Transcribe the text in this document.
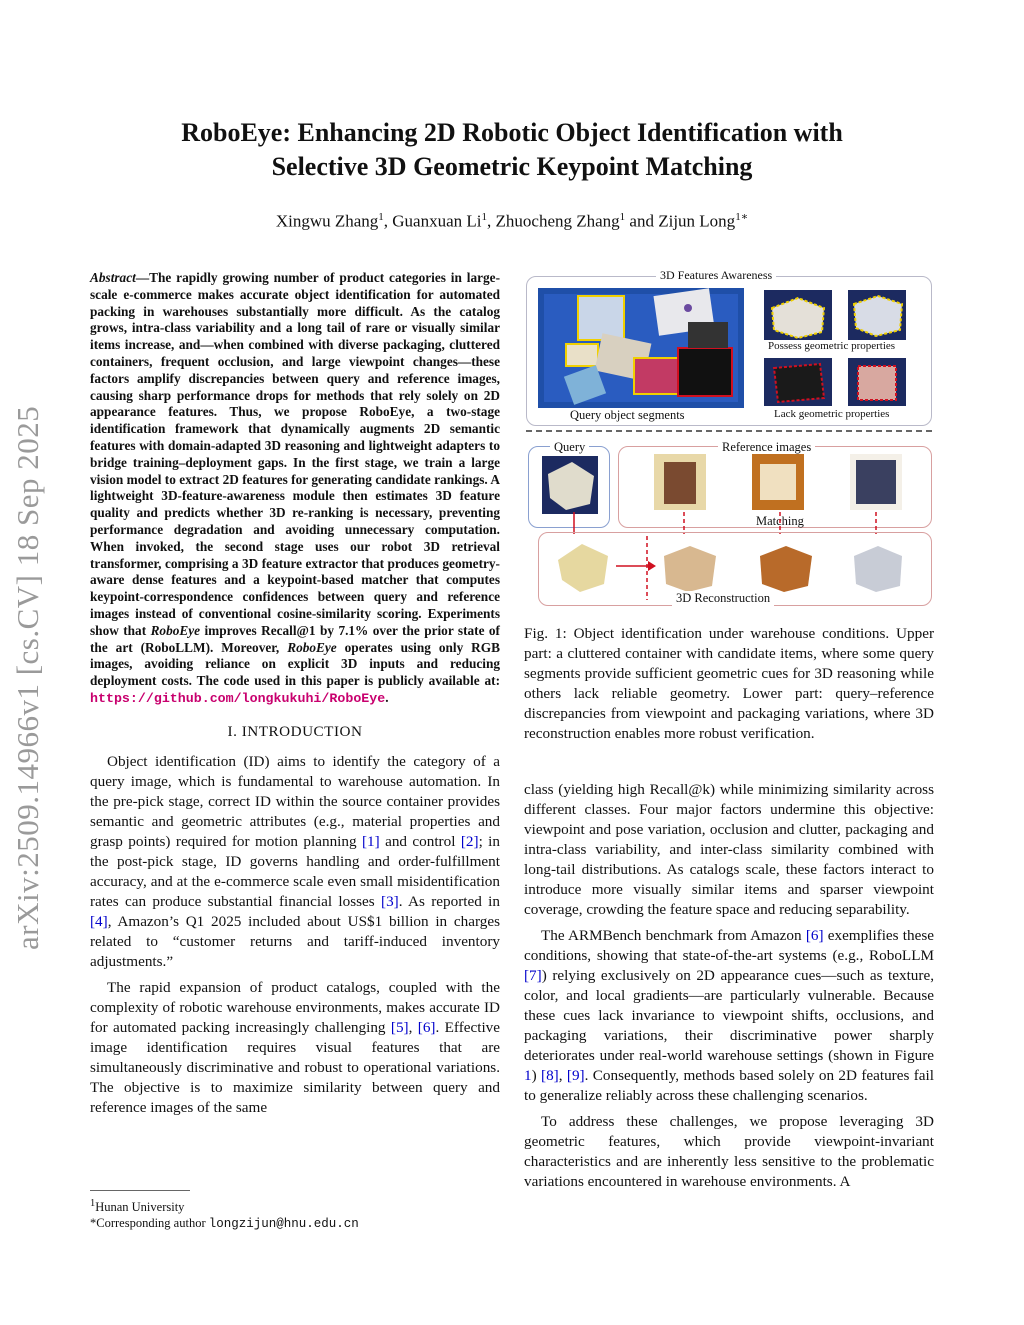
arXiv:2509.14966v1 [cs.CV] 18 Sep 2025
RoboEye: Enhancing 2D Robotic Object Identification with
Selective 3D Geometric Keypoint Matching
Xingwu Zhang$^1$, Guanxuan Li$^1$, Zhuocheng Zhang$^1$ and Zijun Long$^{1∗}$
Abstract—The rapidly growing number of product categories in large-scale e-commerce makes accurate object identification for automated packing in warehouses substantially more difficult. As the catalog grows, intra-class variability and a long tail of rare or visually similar items increase, and—when combined with diverse packaging, cluttered containers, frequent occlusion, and large viewpoint changes—these factors amplify discrepancies between query and reference images, causing sharp performance drops for methods that rely solely on 2D appearance features. Thus, we propose RoboEye, a two-stage identification framework that dynamically augments 2D semantic features with domain-adapted 3D reasoning and lightweight adapters to bridge training–deployment gaps. In the first stage, we train a large vision model to extract 2D features for generating candidate rankings. A lightweight 3D-feature-awareness module then estimates 3D feature quality and predicts whether 3D re-ranking is necessary, preventing performance degradation and avoiding unnecessary computation. When invoked, the second stage uses our robot 3D retrieval transformer, comprising a 3D feature extractor that produces geometry-aware dense features and a keypoint-based matcher that computes keypoint-correspondence confidences between query and reference images instead of conventional cosine-similarity scoring. Experiments show that RoboEye improves Recall@1 by 7.1% over the prior state of the art (RoboLLM). Moreover, RoboEye operates using only RGB images, avoiding reliance on explicit 3D inputs and reducing deployment costs. The code used in this paper is publicly available at: https://github.com/longkukuhi/RoboEye.
I. INTRODUCTION

Object identification (ID) aims to identify the category of a query image, which is fundamental to warehouse automation. In the pre-pick stage, correct ID within the source container provides semantic and geometric attributes (e.g., material properties and grasp points) required for motion planning [1] and control [2]; in the post-pick stage, ID governs handling and order-fulfillment accuracy, and at the e-commerce scale even small misidentification rates can produce substantial financial losses [3]. As reported in [4], Amazon’s Q1 2025 included about US$1 billion in charges related to “customer returns and tariff-induced inventory adjustments.”

The rapid expansion of product catalogs, coupled with the complexity of robotic warehouse environments, makes accurate ID for automated packing increasingly challenging [5], [6]. Effective image identification requires visual features that are simultaneously discriminative and robust to operational variations. The objective is to maximize similarity between query and reference images of the same

$^1$Hunan University
*Corresponding author longzijun@hnu.edu.cn
3D Features Awareness
Query object segments
Possess geometric properties
Lack geometric properties
Query	Reference images
Matching
3D Reconstruction
Fig. 1: Object identification under warehouse conditions. Upper part: a cluttered container with candidate items, where some query segments provide sufficient geometric cues for 3D reasoning while others lack reliable geometry. Lower part: query–reference discrepancies from viewpoint and packaging variations, where 3D reconstruction enables more robust verification.

class (yielding high Recall@k) while minimizing similarity across different classes. Four major factors undermine this objective: viewpoint and pose variation, occlusion and clutter, packaging and intra-class variability, and inter-class similarity combined with long-tail distributions. As catalogs scale, these factors interact to introduce more visually similar items and sparser viewpoint coverage, crowding the feature space and reducing separability.

The ARMBench benchmark from Amazon [6] exemplifies these conditions, showing that state-of-the-art systems (e.g., RoboLLM [7]) relying exclusively on 2D appearance cues—such as texture, color, and local gradients—are particularly vulnerable. Because these cues lack invariance to viewpoint shifts, occlusions, and packaging variations, their discriminative power sharply deteriorates under real-world warehouse settings (shown in Figure 1) [8], [9]. Consequently, methods based solely on 2D features fail to generalize reliably across these challenging scenarios.

To address these challenges, we propose leveraging 3D geometric features, which provide viewpoint-invariant characteristics and are inherently less sensitive to the problematic variations encountered in warehouse environments. A
